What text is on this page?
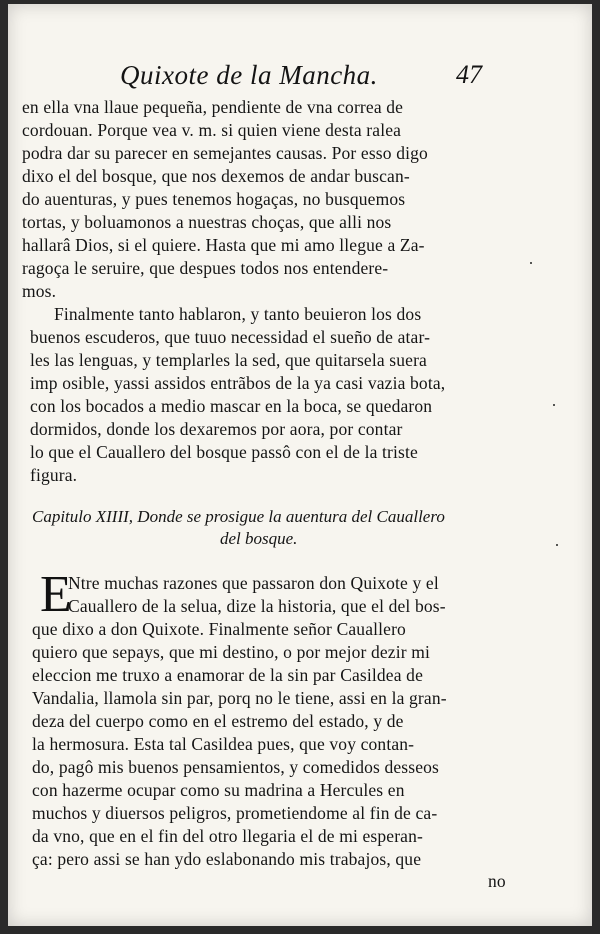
Quixote de la Mancha.	47
en ella vna llaue pequeña, pendiente de vna correa de
cordouan. Porque vea v. m. si quien viene desta ralea
podra dar su parecer en semejantes causas. Por esso digo
dixo el del bosque, que nos dexemos de andar buscan-
do auenturas, y pues tenemos hogaças, no busquemos
tortas, y boluamonos a nuestras choças, que alli nos
hallarâ Dios, si el quiere. Hasta que mi amo llegue a Za-
ragoça le seruire, que despues todos nos entendere-
mos.
Finalmente tanto hablaron, y tanto beuieron los dos
buenos escuderos, que tuuo necessidad el sueño de atar-
les las lenguas, y templarles la sed, que quitarsela suera
imp osible, yassi assidos entrãbos de la ya casi vazia bota,
con los bocados a medio mascar en la boca, se quedaron
dormidos, donde los dexaremos por aora, por contar
lo que el Cauallero del bosque passô con el de la triste
figura.
Capitulo XIIII, Donde se prosigue la auentura del Cauallero
del bosque.
E
Ntre muchas razones que passaron don Quixote y el
Cauallero de la selua, dize la historia, que el del bos-
que dixo a don Quixote. Finalmente señor Cauallero
quiero que sepays, que mi destino, o por mejor dezir mi
eleccion me truxo a enamorar de la sin par Casildea de
Vandalia, llamola sin par, porq no le tiene, assi en la gran-
deza del cuerpo como en el estremo del estado, y de
la hermosura. Esta tal Casildea pues, que voy contan-
do, pagô mis buenos pensamientos, y comedidos desseos
con hazerme ocupar como su madrina a Hercules en
muchos y diuersos peligros, prometiendome al fin de ca-
da vno, que en el fin del otro llegaria el de mi esperan-
ça: pero assi se han ydo eslabonando mis trabajos, que
no
